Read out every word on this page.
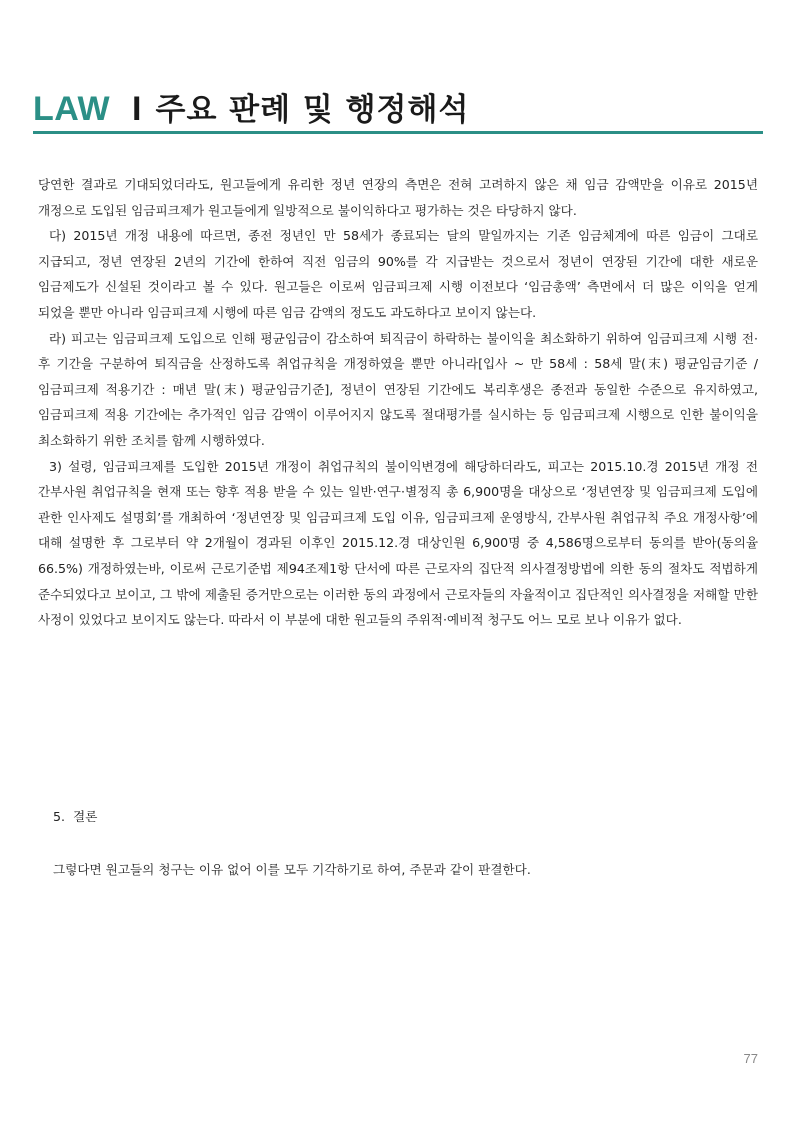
LAW I 주요 판례 및 행정해석

당연한 결과로 기대되었더라도, 원고들에게 유리한 정년 연장의 측면은 전혀 고려하지 않은 채 임금 감액만을 이유로 2015년 개정으로 도입된 임금피크제가 원고들에게 일방적으로 불이익하다고 평가하는 것은 타당하지 않다.

다) 2015년 개정 내용에 따르면, 종전 정년인 만 58세가 종료되는 달의 말일까지는 기존 임금체계에 따른 임금이 그대로 지급되고, 정년 연장된 2년의 기간에 한하여 직전 임금의 90%를 각 지급받는 것으로서 정년이 연장된 기간에 대한 새로운 임금제도가 신설된 것이라고 볼 수 있다. 원고들은 이로써 임금피크제 시행 이전보다 ‘임금총액’ 측면에서 더 많은 이익을 얻게 되었을 뿐만 아니라 임금피크제 시행에 따른 임금 감액의 정도도 과도하다고 보이지 않는다.

라) 피고는 임금피크제 도입으로 인해 평균임금이 감소하여 퇴직금이 하락하는 불이익을 최소화하기 위하여 임금피크제 시행 전·후 기간을 구분하여 퇴직금을 산정하도록 취업규칙을 개정하였을 뿐만 아니라[입사 ~ 만 58세 : 58세 말(末) 평균임금기준 / 임금피크제 적용기간 : 매년 말(末) 평균임금기준], 정년이 연장된 기간에도 복리후생은 종전과 동일한 수준으로 유지하였고, 임금피크제 적용 기간에는 추가적인 임금 감액이 이루어지지 않도록 절대평가를 실시하는 등 임금피크제 시행으로 인한 불이익을 최소화하기 위한 조치를 함께 시행하였다.

3) 설령, 임금피크제를 도입한 2015년 개정이 취업규칙의 불이익변경에 해당하더라도, 피고는 2015.10.경 2015년 개정 전 간부사원 취업규칙을 현재 또는 향후 적용 받을 수 있는 일반·연구·별정직 총 6,900명을 대상으로 ‘정년연장 및 임금피크제 도입에 관한 인사제도 설명회’를 개최하여 ‘정년연장 및 임금피크제 도입 이유, 임금피크제 운영방식, 간부사원 취업규칙 주요 개정사항’에 대해 설명한 후 그로부터 약 2개월이 경과된 이후인 2015.12.경 대상인원 6,900명 중 4,586명으로부터 동의를 받아(동의율 66.5%) 개정하였는바, 이로써 근로기준법 제94조제1항 단서에 따른 근로자의 집단적 의사결정방법에 의한 동의 절차도 적법하게 준수되었다고 보이고, 그 밖에 제출된 증거만으로는 이러한 동의 과정에서 근로자들의 자율적이고 집단적인 의사결정을 저해할 만한 사정이 있었다고 보이지도 않는다. 따라서 이 부분에 대한 원고들의 주위적·예비적 청구도 어느 모로 보나 이유가 없다.

5. 결론
그렇다면 원고들의 청구는 이유 없어 이를 모두 기각하기로 하여, 주문과 같이 판결한다.
77
